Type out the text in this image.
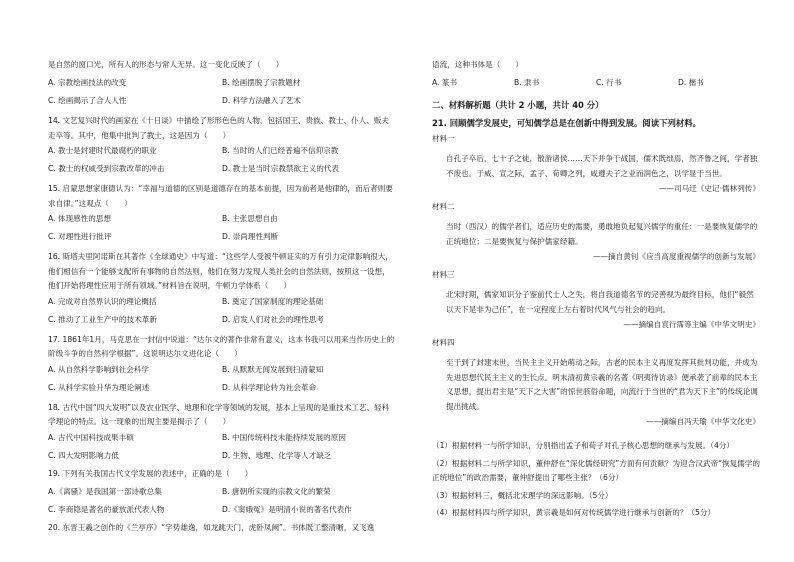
是自然的窗口光，所有人的形态与常人无异。这一变化反映了（　　）
A. 宗教绘画技法的改变	B. 绘画摆脱了宗教题材
C. 绘画揭示了合人人性	D. 科学方法融入了艺术
14. 文艺复兴时代的画家在《十日谈》中描绘了形形色色的人物，包括国王、贵族、教士、仆人、贩夫走卒等。其中，他集中批判了教士，这是因为（　　）
A. 教士是封建时代最腐朽的职业	B. 当时的人们已经普遍不信仰宗教
C. 教士的权威受到宗教改革的冲击	D. 教士是当时宗教禁欲主义的代表
15. 启蒙思想家康德认为：“幸福与道德的区别是道德存在的基本前提，因为前者是他律的，而后者则要求自律。”这观点（　　）
A. 体现感性的思想	B. 主张思想自由
C. 对理性进行批评	D. 崇尚理性判断
16. 斯塔夫里阿诺斯在其著作《全球通史》中写道：“这些学人受被牛顿证实的万有引力定律影响很大，他们相信有一个能够支配所有事物的自然法则，他们在努力发现人类社会的自然法则，按照这一设想，他们开始将理性应用于所有领域。”材料旨在说明，牛顿力学体系（　　）
A. 完成对自然界认识的理论概括	B. 奠定了国家制度的理论基础
C. 推动了工业生产中的技术革新	D. 启发人们对社会的理性思考
17. 1861年1月，马克思在一封信中说道：“达尔文的著作非常有意义，这本书我可以用来当作历史上的阶级斗争的自然科学根据”。这说明达尔文进化论（　　）
A. 从自然科学影响到社会科学	B. 从默默无闻发展到扫清蒙知
C. 从科学实验升华为理论阐述	D. 从科学理论转为社会革命
18. 古代中国“四大发明”以及农业医学、地理和化学等领域的发展，基本上呈现的是重技术工艺、轻科学理论的特点。这一现象的出现主要是揭示了（　　）
A. 古代中国科技成果丰硕	B. 中国传统科技未能持续发展的原因
C. 四大发明影响力低	D. 生物、地理、化学等人才缺乏
19. 下列有关我国古代文学发展的表述中，正确的是（　　）
A.《离骚》是我国第一部诗歌总集	B. 唐朝所实现的宗教文化的繁荣
C. 李商隐是著名的豪放派代表人物	D.《窦娥冤》是明清小说的著名代表作
20. 东晋王羲之创作的《兰亭序》“字势雄逸，如龙跳天门，虎卧凤阙”。书体既工整清晰，又飞逸
语流，这种书体是（　　）
A. 篆书	B. 隶书	C. 行书	D. 楷书
二、材料解析题（共计 2 小题，共计 40 分）
21. 回顾儒学发展史，可知儒学总是在创新中得到发展。阅读下列材料。
材料一
自孔子卒后，七十子之徒，散游诸侯……天下并争于战国，儒术既绌焉，然齐鲁之间，学者独不废也。于威、宣之际，孟子、荀卿之列，咸遵夫子之业而润色之，以学显于当世。
——司马迁《史记·儒林列传》
材料二
当时（西汉）的儒学者们，适应历史的需要，勇敢地负起复兴儒学的重任：一是要恢复儒学的正统地位；二是要恢复与保护儒家经籍。
——摘自黄钊《应当高度重视儒学的创新与发展》
材料三
北宋时期，儒家知识分子鉴前代士人之失，将自我道德名节的完善视为最终目标，他们“毅然以天下是非为己任”，在一定程度上左右着时代风气与社会的趋向。
——摘编自袁行霈等主编《中华文明史》
材料四
至于到了封建末世，当民主主义开始萌动之际，古老的民本主义再度发挥其批判功能，并成为先进思想代民主主义的生长点。明末清初黄宗羲的名著《明夷待访录》便承袭了前辈的民本主义思想，提出君主是“天下之大害”的惊世骇俗命题，向流行于当世的“君为天下主”的传统论调提出挑战。
——摘编自冯天瑜《中华文化史》
（1）根据材料一与所学知识，分别指出孟子和荀子对孔子核心思想的继承与发展。（4分）
（2）根据材料二与所学知识，董仲舒在“深化儒经研究”方面有何贡献？为迎合汉武帝“恢复儒学的正统地位”的政治需要，董仲舒提出了哪些主张？（6分）
（3）根据材料三，概括北宋理学的深远影响。（5分）
（4）根据材料四与所学知识，黄宗羲是如何对传统儒学进行继承与创新的？（5分）
